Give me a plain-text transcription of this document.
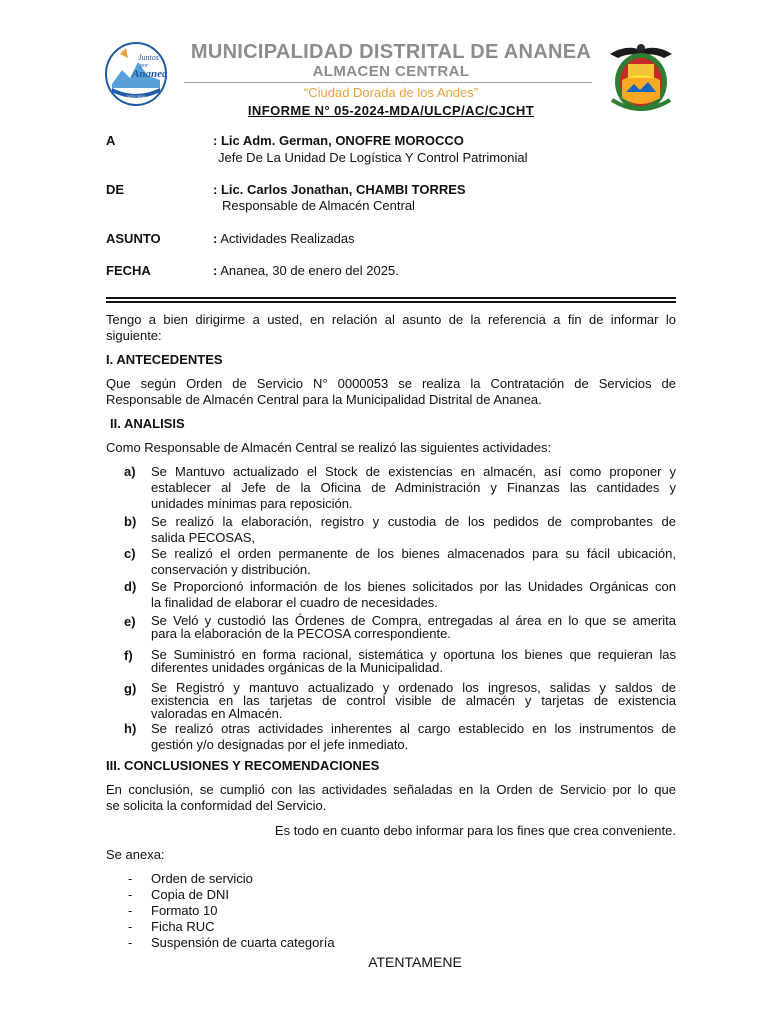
Juntos
por
Ananea
2023 2026
MUNICIPALIDAD DISTRITAL DE ANANEA
ALMACEN CENTRAL
“Ciudad Dorada de los Andes”
INFORME N° 05-2024-MDA/ULCP/AC/CJCHT
A	: Lic Adm. German, ONOFRE MOROCCO
Jefe De La Unidad De Logística Y Control Patrimonial
DE	: Lic. Carlos Jonathan, CHAMBI TORRES
Responsable de Almacén Central
ASUNTO	: Actividades Realizadas
FECHA	: Ananea, 30 de enero del 2025.
Tengo a bien dirigirme a usted, en relación al asunto de la referencia a fin de informar lo
siguiente:
I. ANTECEDENTES
Que según Orden de Servicio N° 0000053 se realiza la Contratación de Servicios de
Responsable de Almacén Central para la Municipalidad Distrital de Ananea.
II. ANALISIS
Como Responsable de Almacén Central se realizó las siguientes actividades:
a)	Se Mantuvo actualizado el Stock de existencias en almacén, así como proponer y
establecer al Jefe de la Oficina de Administración y Finanzas las cantidades y
unidades mínimas para reposición.
b)	Se realizó la elaboración, registro y custodia de los pedidos de comprobantes de
salida PECOSAS,
c)	Se realizó el orden permanente de los bienes almacenados para su fácil ubicación,
conservación y distribución.
d)	Se Proporcionó información de los bienes solicitados por las Unidades Orgánicas con
la finalidad de elaborar el cuadro de necesidades.
e)	Se Veló y custodió las Órdenes de Compra, entregadas al área en lo que se amerita
para la elaboración de la PECOSA correspondiente.
f)	Se Suministró en forma racional, sistemática y oportuna los bienes que requieran las
diferentes unidades orgánicas de la Municipalidad.
g)	Se Registró y mantuvo actualizado y ordenado los ingresos, salidas y saldos de
existencia en las tarjetas de control visible de almacén y tarjetas de existencia
valoradas en Almacén.
h)	Se realizó otras actividades inherentes al cargo establecido en los instrumentos de
gestión y/o designadas por el jefe inmediato.
III. CONCLUSIONES Y RECOMENDACIONES
En conclusión, se cumplió con las actividades señaladas en la Orden de Servicio por lo que
se solicita la conformidad del Servicio.
Es todo en cuanto debo informar para los fines que crea conveniente.
Se anexa:
- Orden de servicio
- Copia de DNI
- Formato 10
- Ficha RUC
- Suspensión de cuarta categoría
ATENTAMENE
